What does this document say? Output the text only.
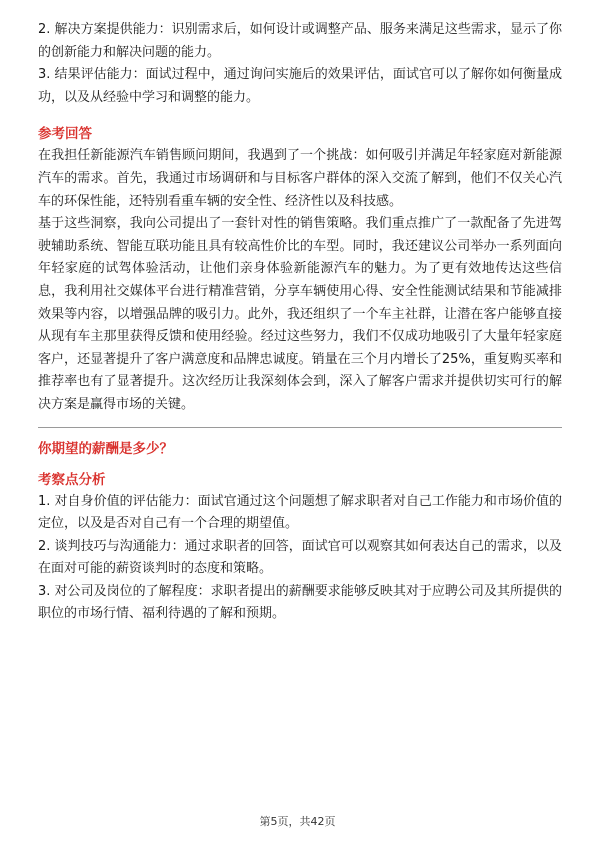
2. 解决方案提供能力：识别需求后，如何设计或调整产品、服务来满足这些需求，显示了你的创新能力和解决问题的能力。

3. 结果评估能力：面试过程中，通过询问实施后的效果评估，面试官可以了解你如何衡量成功，以及从经验中学习和调整的能力。

参考回答

在我担任新能源汽车销售顾问期间，我遇到了一个挑战：如何吸引并满足年轻家庭对新能源汽车的需求。首先，我通过市场调研和与目标客户群体的深入交流了解到，他们不仅关心汽车的环保性能，还特别看重车辆的安全性、经济性以及科技感。

基于这些洞察，我向公司提出了一套针对性的销售策略。我们重点推广了一款配备了先进驾驶辅助系统、智能互联功能且具有较高性价比的车型。同时，我还建议公司举办一系列面向年轻家庭的试驾体验活动，让他们亲身体验新能源汽车的魅力。为了更有效地传达这些信息，我利用社交媒体平台进行精准营销，分享车辆使用心得、安全性能测试结果和节能减排效果等内容，以增强品牌的吸引力。此外，我还组织了一个车主社群，让潜在客户能够直接从现有车主那里获得反馈和使用经验。经过这些努力，我们不仅成功地吸引了大量年轻家庭客户，还显著提升了客户满意度和品牌忠诚度。销量在三个月内增长了25%，重复购买率和推荐率也有了显著提升。这次经历让我深刻体会到，深入了解客户需求并提供切实可行的解决方案是赢得市场的关键。

你期望的薪酬是多少？
考察点分析

1. 对自身价值的评估能力：面试官通过这个问题想了解求职者对自己工作能力和市场价值的定位，以及是否对自己有一个合理的期望值。

2. 谈判技巧与沟通能力：通过求职者的回答，面试官可以观察其如何表达自己的需求，以及在面对可能的薪资谈判时的态度和策略。

3. 对公司及岗位的了解程度：求职者提出的薪酬要求能够反映其对于应聘公司及其所提供的职位的市场行情、福利待遇的了解和预期。

第5页，共42页
